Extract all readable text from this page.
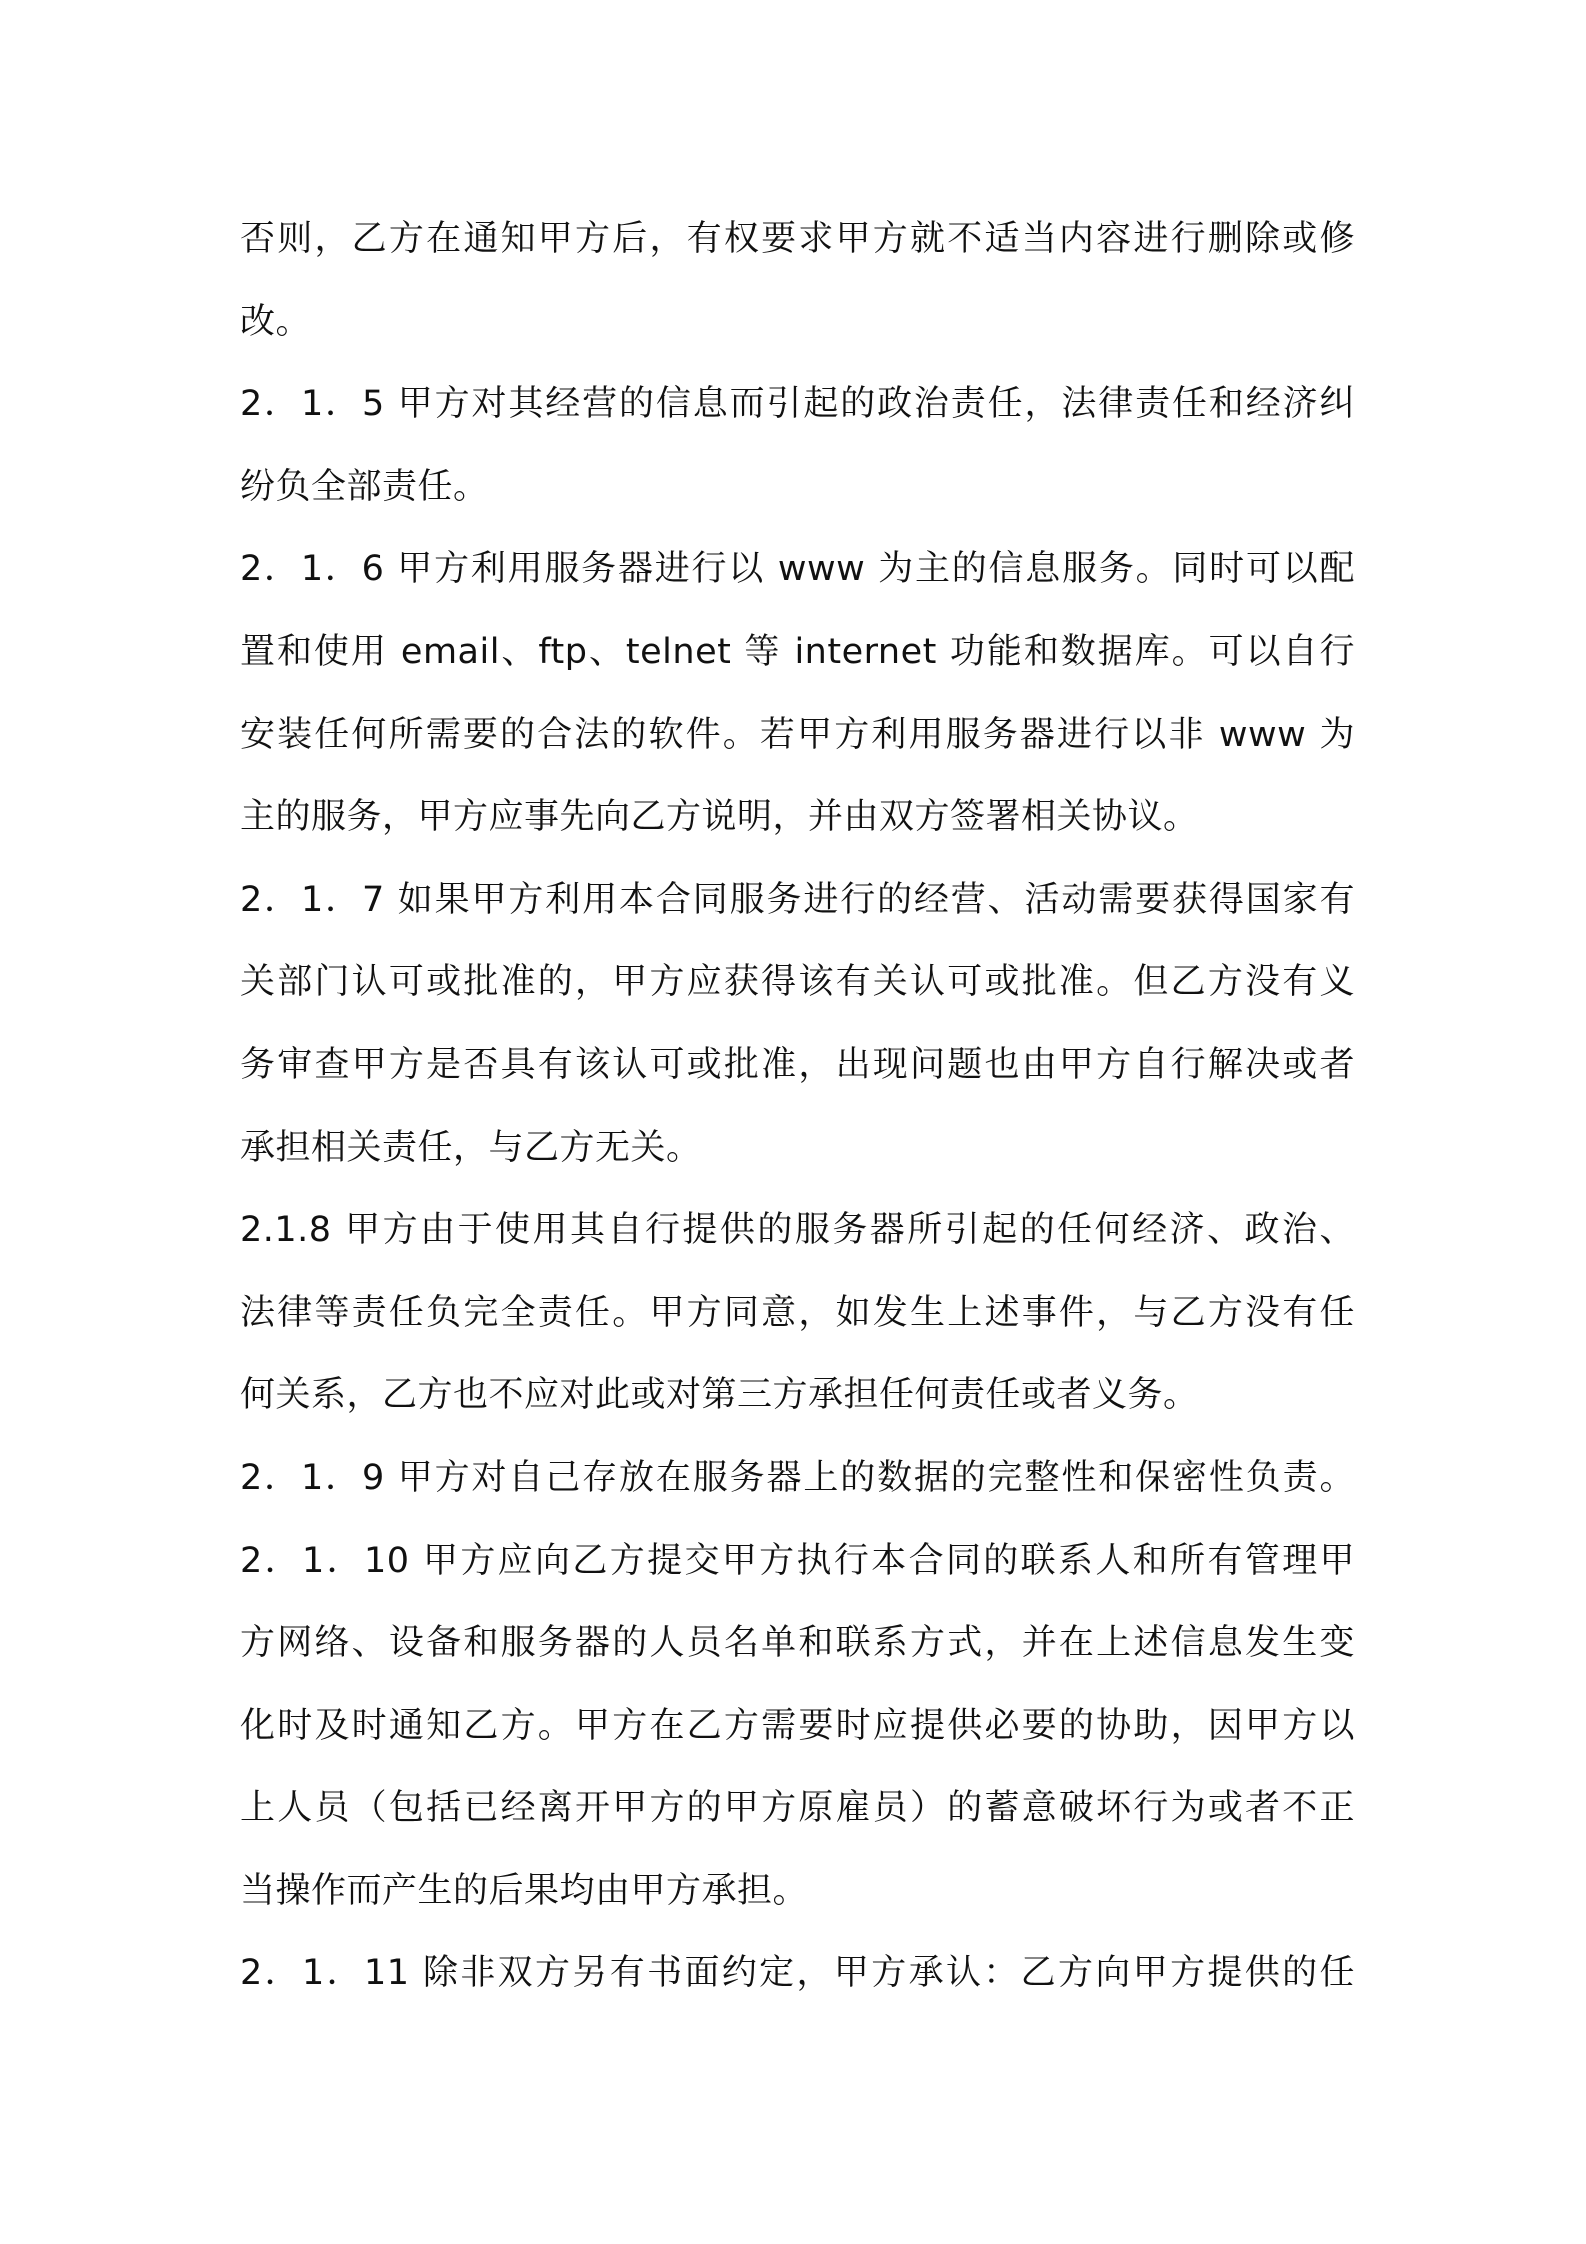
否则，乙方在通知甲方后，有权要求甲方就不适当内容进行删除或修
改。
2．1．5 甲方对其经营的信息而引起的政治责任，法律责任和经济纠
纷负全部责任。
2．1．6 甲方利用服务器进行以 www 为主的信息服务。同时可以配
置和使用 email、ftp、telnet 等 internet 功能和数据库。可以自行
安装任何所需要的合法的软件。若甲方利用服务器进行以非 www 为
主的服务，甲方应事先向乙方说明，并由双方签署相关协议。
2．1．7 如果甲方利用本合同服务进行的经营、活动需要获得国家有
关部门认可或批准的，甲方应获得该有关认可或批准。但乙方没有义
务审查甲方是否具有该认可或批准，出现问题也由甲方自行解决或者
承担相关责任，与乙方无关。
2.1.8 甲方由于使用其自行提供的服务器所引起的任何经济、政治、
法律等责任负完全责任。甲方同意，如发生上述事件，与乙方没有任
何关系，乙方也不应对此或对第三方承担任何责任或者义务。
2．1．9 甲方对自己存放在服务器上的数据的完整性和保密性负责。
2．1．10 甲方应向乙方提交甲方执行本合同的联系人和所有管理甲
方网络、设备和服务器的人员名单和联系方式，并在上述信息发生变
化时及时通知乙方。甲方在乙方需要时应提供必要的协助，因甲方以
上人员（包括已经离开甲方的甲方原雇员）的蓄意破坏行为或者不正
当操作而产生的后果均由甲方承担。
2．1．11 除非双方另有书面约定，甲方承认：乙方向甲方提供的任
